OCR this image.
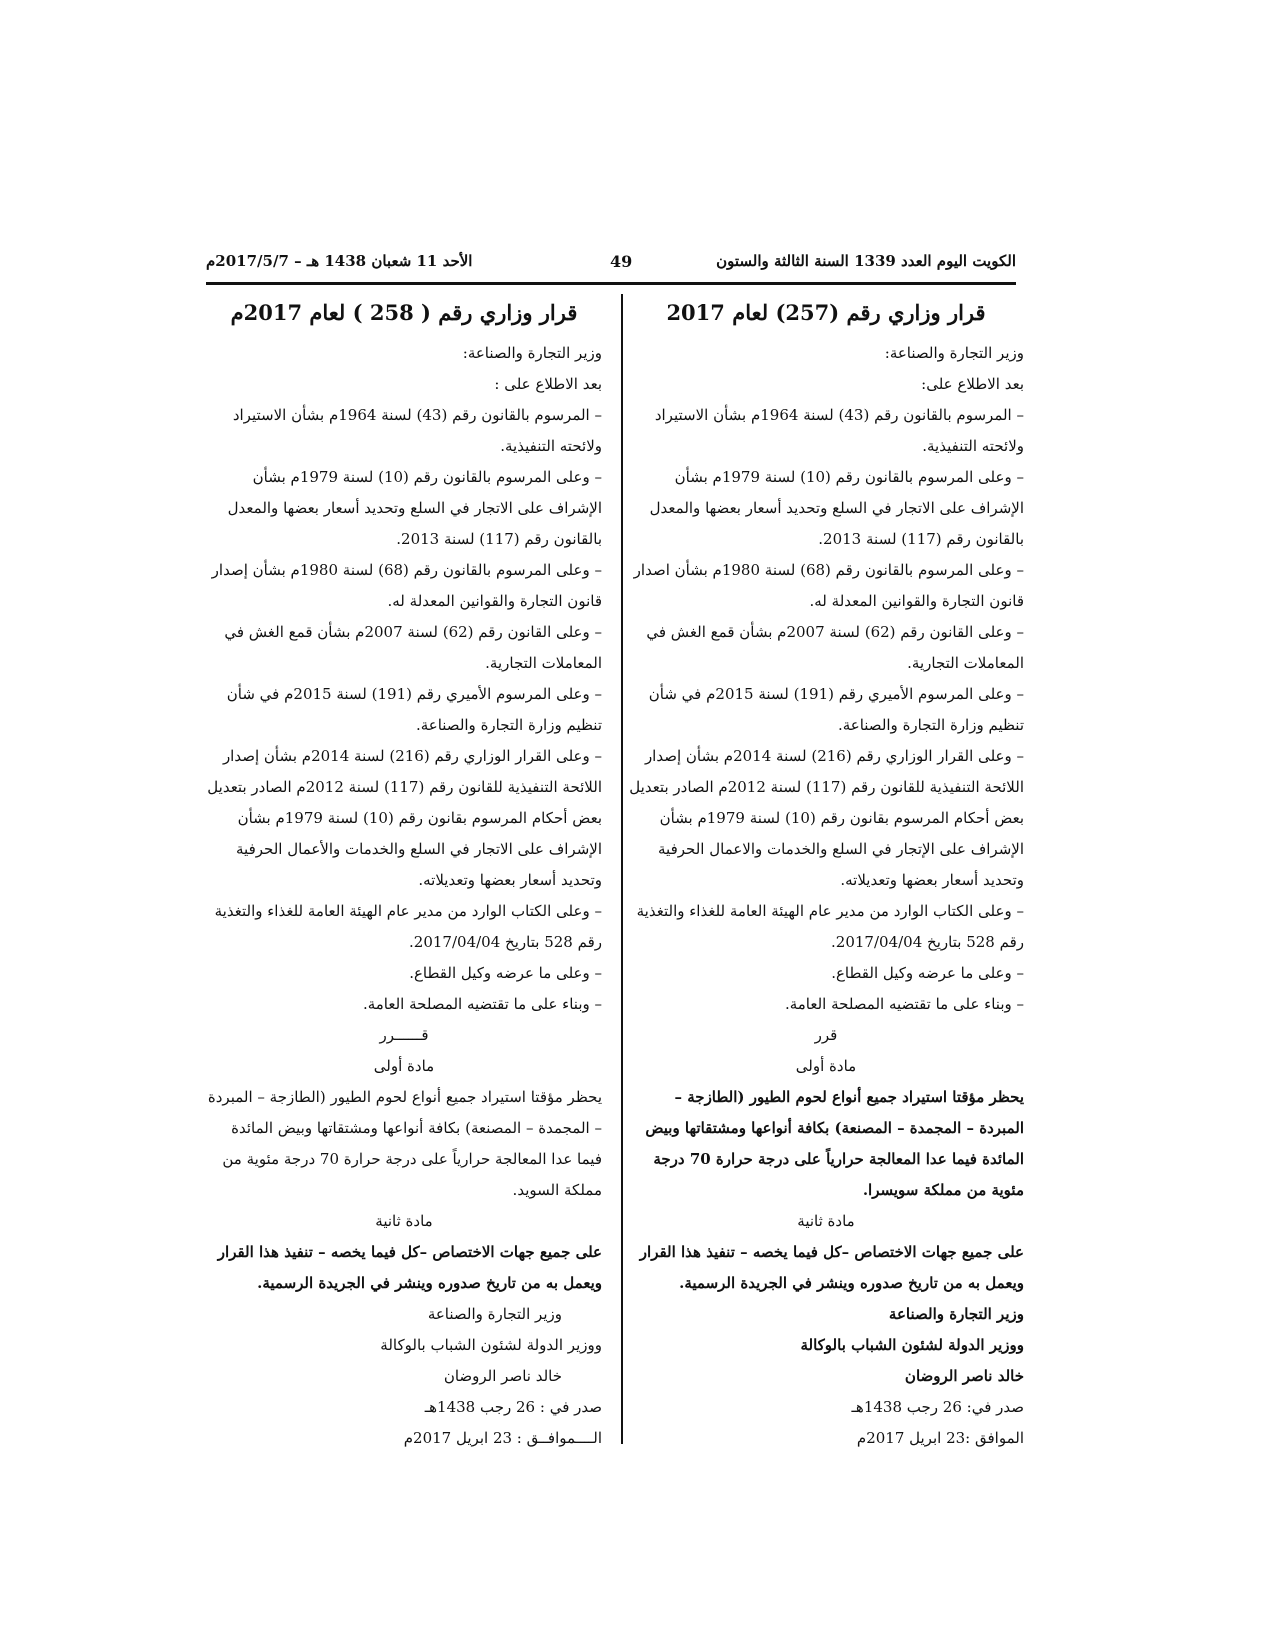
الكويت اليوم العدد 1339 السنة الثالثة والستون
49
الأحد 11 شعبان 1438 هـ – 2017/5/7م
قرار وزاري رقم (257) لعام 2017

وزير التجارة والصناعة:

بعد الاطلاع على:

– المرسوم بالقانون رقم (43) لسنة 1964م بشأن الاستيراد ولائحته التنفيذية.

– وعلى المرسوم بالقانون رقم (10) لسنة 1979م بشأن الإشراف على الاتجار في السلع وتحديد أسعار بعضها والمعدل بالقانون رقم (117) لسنة 2013.

– وعلى المرسوم بالقانون رقم (68) لسنة 1980م بشأن اصدار قانون التجارة والقوانين المعدلة له.

– وعلى القانون رقم (62) لسنة 2007م بشأن قمع الغش في المعاملات التجارية.

– وعلى المرسوم الأميري رقم (191) لسنة 2015م في شأن تنظيم وزارة التجارة والصناعة.

– وعلى القرار الوزاري رقم (216) لسنة 2014م بشأن إصدار اللائحة التنفيذية للقانون رقم (117) لسنة 2012م الصادر بتعديل بعض أحكام المرسوم بقانون رقم (10) لسنة 1979م بشأن الإشراف على الإتجار في السلع والخدمات والاعمال الحرفية وتحديد أسعار بعضها وتعديلاته.

– وعلى الكتاب الوارد من مدير عام الهيئة العامة للغذاء والتغذية رقم 528 بتاريخ 2017/04/04.

– وعلى ما عرضه وكيل القطاع.

– وبناء على ما تقتضيه المصلحة العامة.

قرر

مادة أولى

يحظر مؤقتا استيراد جميع أنواع لحوم الطيور (الطازجة – المبردة – المجمدة – المصنعة) بكافة أنواعها ومشتقاتها وبيض المائدة فيما عدا المعالجة حرارياً على درجة حرارة 70 درجة مئوية من مملكة سويسرا.

مادة ثانية

على جميع جهات الاختصاص –كل فيما يخصه – تنفيذ هذا القرار ويعمل به من تاريخ صدوره وينشر في الجريدة الرسمية.

وزير التجارة والصناعة

ووزير الدولة لشئون الشباب بالوكالة

خالد ناصر الروضان

صدر في: 26 رجب 1438هـ

الموافق :23 ابريل 2017م

قرار وزاري رقم ( 258 ) لعام 2017م

وزير التجارة والصناعة:

بعد الاطلاع على :

– المرسوم بالقانون رقم (43) لسنة 1964م بشأن الاستيراد ولائحته التنفيذية.

– وعلى المرسوم بالقانون رقم (10) لسنة 1979م بشأن الإشراف على الاتجار في السلع وتحديد أسعار بعضها والمعدل بالقانون رقم (117) لسنة 2013.

– وعلى المرسوم بالقانون رقم (68) لسنة 1980م بشأن إصدار قانون التجارة والقوانين المعدلة له.

– وعلى القانون رقم (62) لسنة 2007م بشأن قمع الغش في المعاملات التجارية.

– وعلى المرسوم الأميري رقم (191) لسنة 2015م في شأن تنظيم وزارة التجارة والصناعة.

– وعلى القرار الوزاري رقم (216) لسنة 2014م بشأن إصدار اللائحة التنفيذية للقانون رقم (117) لسنة 2012م الصادر بتعديل بعض أحكام المرسوم بقانون رقم (10) لسنة 1979م بشأن الإشراف على الاتجار في السلع والخدمات والأعمال الحرفية وتحديد أسعار بعضها وتعديلاته.

– وعلى الكتاب الوارد من مدير عام الهيئة العامة للغذاء والتغذية رقم 528 بتاريخ 2017/04/04.

– وعلى ما عرضه وكيل القطاع.

– وبناء على ما تقتضيه المصلحة العامة.

قــــــرر

مادة أولى

يحظر مؤقتا استيراد جميع أنواع لحوم الطيور (الطازجة – المبردة – المجمدة – المصنعة) بكافة أنواعها ومشتقاتها وبيض المائدة فيما عدا المعالجة حرارياً على درجة حرارة 70 درجة مئوية من مملكة السويد.

مادة ثانية

على جميع جهات الاختصاص –كل فيما يخصه – تنفيذ هذا القرار ويعمل به من تاريخ صدوره وينشر في الجريدة الرسمية.

وزير التجارة والصناعة

ووزير الدولة لشئون الشباب بالوكالة

خالد ناصر الروضان

صدر في : 26 رجب 1438هـ

الــــموافــق : 23 ابريل 2017م
